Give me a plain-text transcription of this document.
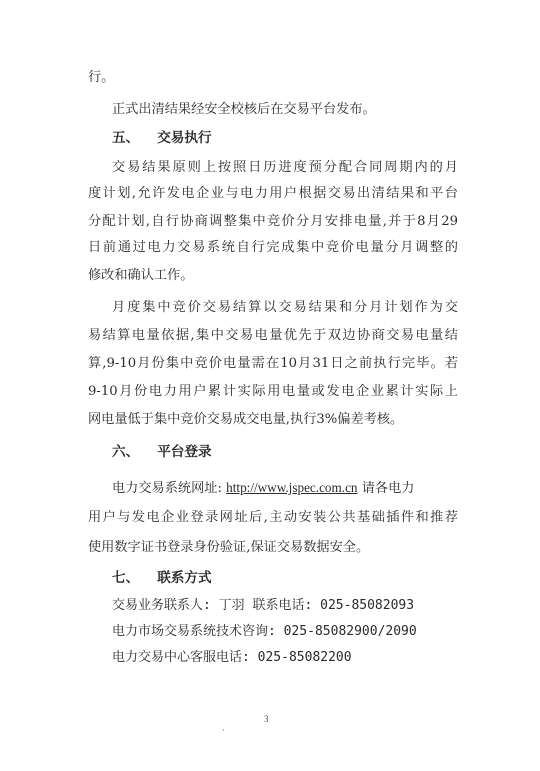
行。
正式出清结果经安全校核后在交易平台发布。
五、 交易执行
交易结果原则上按照日历进度预分配合同周期内的月
度计划,允许发电企业与电力用户根据交易出清结果和平台
分配计划,自行协商调整集中竞价分月安排电量,并于8月29
日前通过电力交易系统自行完成集中竞价电量分月调整的
修改和确认工作。
月度集中竞价交易结算以交易结果和分月计划作为交
易结算电量依据,集中交易电量优先于双边协商交易电量结
算,9-10月份集中竞价电量需在10月31日之前执行完毕。若
9-10月份电力用户累计实际用电量或发电企业累计实际上
网电量低于集中竞价交易成交电量,执行3%偏差考核。
六、 平台登录
电力交易系统网址: http://www.jspec.com.cn 请各电力
用户与发电企业登录网址后,主动安装公共基础插件和推荐
使用数字证书登录身份验证,保证交易数据安全。
七、 联系方式
交易业务联系人: 丁羽 联系电话: 025-85082093
电力市场交易系统技术咨询: 025-85082900/2090
电力交易中心客服电话: 025-85082200
3
·
